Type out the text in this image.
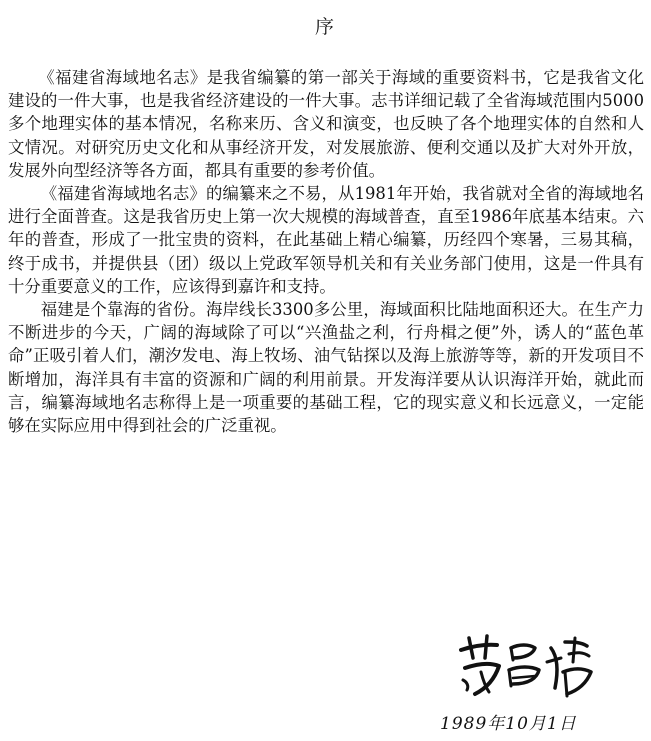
序

《福建省海域地名志》是我省编纂的第一部关于海域的重要资料书，它是我省文化建设的一件大事，也是我省经济建设的一件大事。志书详细记载了全省海域范围内5000多个地理实体的基本情况，名称来历、含义和演变，也反映了各个地理实体的自然和人文情况。对研究历史文化和从事经济开发，对发展旅游、便利交通以及扩大对外开放，发展外向型经济等各方面，都具有重要的参考价值。

《福建省海域地名志》的编纂来之不易，从1981年开始，我省就对全省的海域地名进行全面普查。这是我省历史上第一次大规模的海域普查，直至1986年底基本结束。六年的普查，形成了一批宝贵的资料，在此基础上精心编纂，历经四个寒暑，三易其稿，终于成书，并提供县（团）级以上党政军领导机关和有关业务部门使用，这是一件具有十分重要意义的工作，应该得到嘉许和支持。

福建是个靠海的省份。海岸线长3300多公里，海域面积比陆地面积还大。在生产力不断进步的今天，广阔的海域除了可以“兴渔盐之利，行舟楫之便”外，诱人的“蓝色革命”正吸引着人们，潮汐发电、海上牧场、油气钻探以及海上旅游等等，新的开发项目不断增加，海洋具有丰富的资源和广阔的利用前景。开发海洋要从认识海洋开始，就此而言，编纂海域地名志称得上是一项重要的基础工程，它的现实意义和长远意义，一定能够在实际应用中得到社会的广泛重视。

1989年10月1日
